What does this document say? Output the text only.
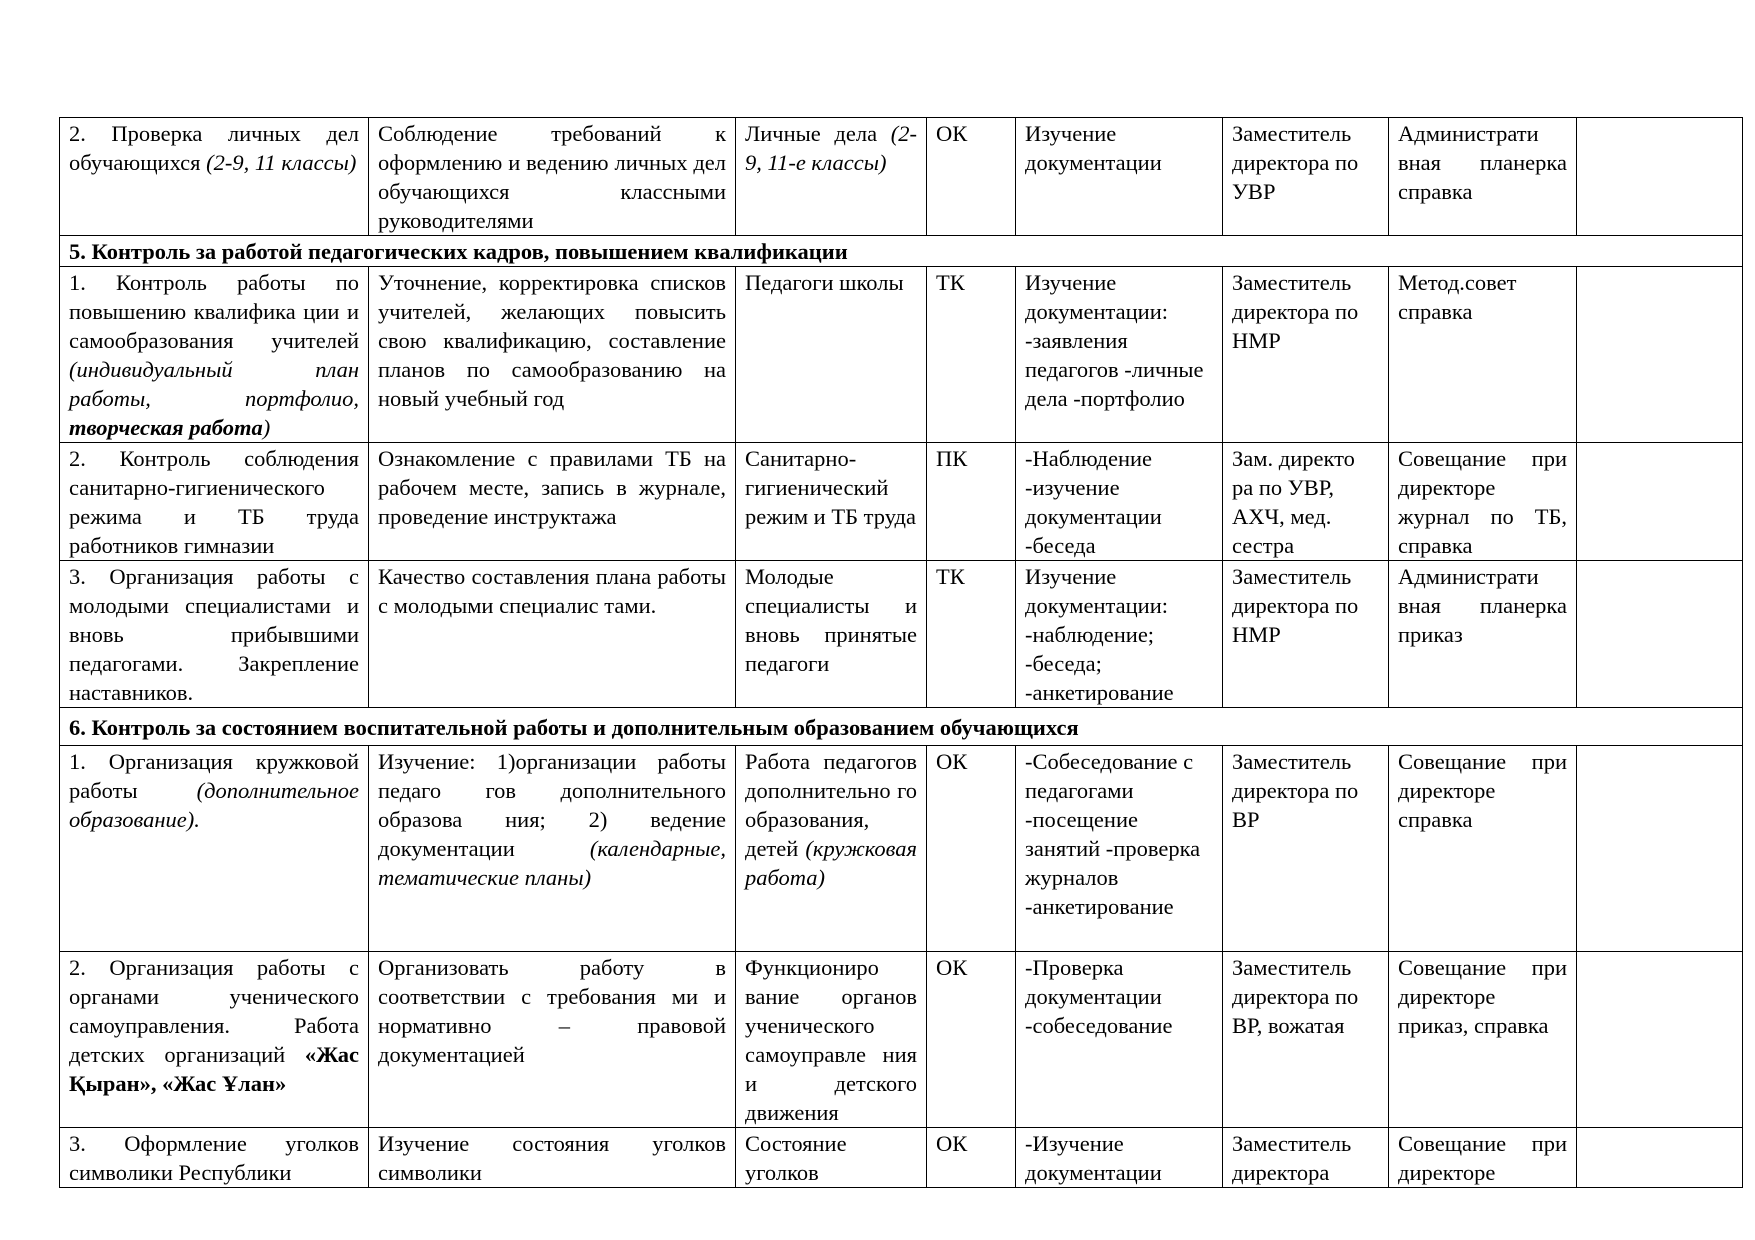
2. Проверка личных дел обучающихся (2-9, 11 классы)	Соблюдение требований к оформлению и ведению личных дел обучающихся классными руководителями	Личные дела (2-9, 11-е классы)	ОК	Изучение документации	Заместитель директора по УВР	Администрати вная планерка справка	
5. Контроль за работой педагогических кадров, повышением квалификации							
1. Контроль работы по повышению квалифика ции и самообразования учителей (индивидуальный план работы, портфолио, творческая работа)	Уточнение, корректировка списков учителей, желающих повысить свою квалификацию, составление планов по самообразованию на новый учебный год	Педагоги школы	ТК	Изучение документации: -заявления педагогов -личные дела -портфолио	Заместитель директора по НМР	Метод.совет справка	
2. Контроль соблюдения санитарно-гигиенического режима и ТБ труда работников гимназии	Ознакомление с правилами ТБ на рабочем месте, запись в журнале, проведение инструктажа	Санитарно-гигиенический режим и ТБ труда	ПК	-Наблюдение -изучение документации -беседа	Зам. директо ра по УВР, АХЧ, мед. сестра	Совещание при директоре журнал по ТБ, справка	
3. Организация работы с молодыми специалистами и вновь прибывшими педагогами. Закрепление наставников.	Качество составления плана работы с молодыми специалис тами.	Молодые специалисты и вновь принятые педагоги	ТК	Изучение документации: -наблюдение; -беседа; -анкетирование	Заместитель директора по НМР	Администрати вная планерка приказ	
6. Контроль за состоянием воспитательной работы и дополнительным образованием обучающихся							
1. Организация кружковой работы (дополнительное образование).	Изучение: 1)организации работы педаго гов дополнительного образова ния; 2) ведение документации (календарные, тематические планы)	Работа педагогов дополнительно го образования, детей (кружковая работа)	ОК	-Собеседование с педагогами -посещение занятий -проверка журналов -анкетирование	Заместитель директора по ВР	Совещание при директоре справка	
2. Организация работы с органами ученического самоуправления. Работа детских организаций «Жас Қыран», «Жас Ұлан»	Организовать работу в соответствии с требования ми и нормативно – правовой документацией	Функциониро вание органов ученического самоуправле ния и детского движения	ОК	-Проверка документации -собеседование	Заместитель директора по ВР, вожатая	Совещание при директоре приказ, справка	
3. Оформление уголков символики Республики	Изучение состояния уголков символики	Состояние уголков	ОК	-Изучение документации	Заместитель директора	Совещание при директоре	
